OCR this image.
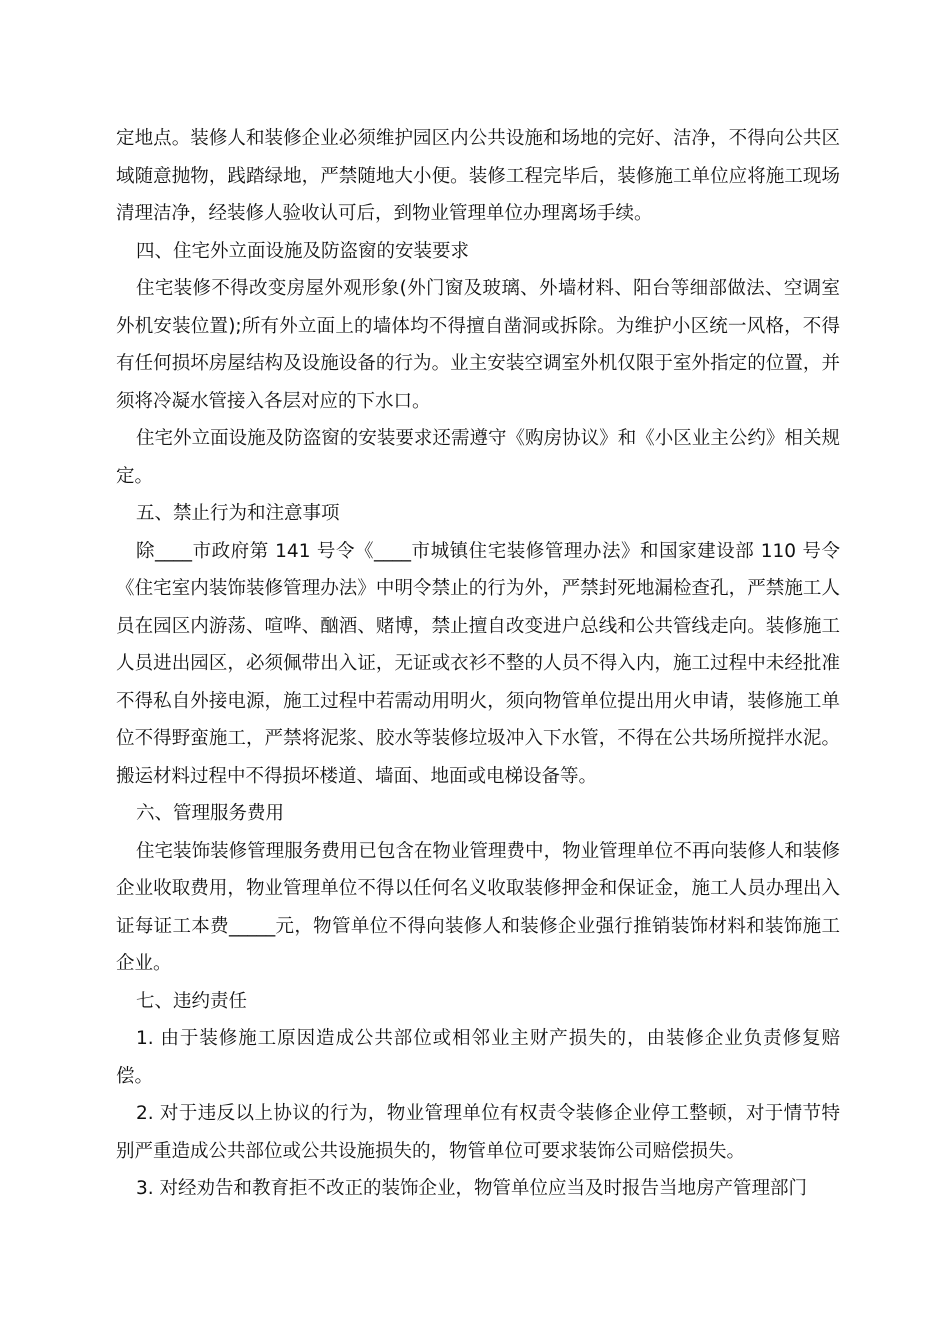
定地点。装修人和装修企业必须维护园区内公共设施和场地的完好、洁净，不得向公共区域随意抛物，践踏绿地，严禁随地大小便。装修工程完毕后，装修施工单位应将施工现场清理洁净，经装修人验收认可后，到物业管理单位办理离场手续。

四、住宅外立面设施及防盗窗的安装要求

住宅装修不得改变房屋外观形象(外门窗及玻璃、外墙材料、阳台等细部做法、空调室外机安装位置);所有外立面上的墙体均不得擅自凿洞或拆除。为维护小区统一风格，不得有任何损坏房屋结构及设施设备的行为。业主安装空调室外机仅限于室外指定的位置，并须将冷凝水管接入各层对应的下水口。

住宅外立面设施及防盗窗的安装要求还需遵守《购房协议》和《小区业主公约》相关规定。

五、禁止行为和注意事项

除____市政府第 141 号令《____市城镇住宅装修管理办法》和国家建设部 110 号令《住宅室内装饰装修管理办法》中明令禁止的行为外，严禁封死地漏检查孔，严禁施工人员在园区内游荡、喧哗、酗酒、赌博，禁止擅自改变进户总线和公共管线走向。装修施工人员进出园区，必须佩带出入证，无证或衣衫不整的人员不得入内，施工过程中未经批准不得私自外接电源，施工过程中若需动用明火，须向物管单位提出用火申请，装修施工单位不得野蛮施工，严禁将泥浆、胶水等装修垃圾冲入下水管，不得在公共场所搅拌水泥。搬运材料过程中不得损坏楼道、墙面、地面或电梯设备等。

六、管理服务费用

住宅装饰装修管理服务费用已包含在物业管理费中，物业管理单位不再向装修人和装修企业收取费用，物业管理单位不得以任何名义收取装修押金和保证金，施工人员办理出入证每证工本费_____元，物管单位不得向装修人和装修企业强行推销装饰材料和装饰施工企业。

七、违约责任

1. 由于装修施工原因造成公共部位或相邻业主财产损失的，由装修企业负责修复赔偿。

2. 对于违反以上协议的行为，物业管理单位有权责令装修企业停工整顿，对于情节特别严重造成公共部位或公共设施损失的，物管单位可要求装饰公司赔偿损失。

3. 对经劝告和教育拒不改正的装饰企业，物管单位应当及时报告当地房产管理部门
